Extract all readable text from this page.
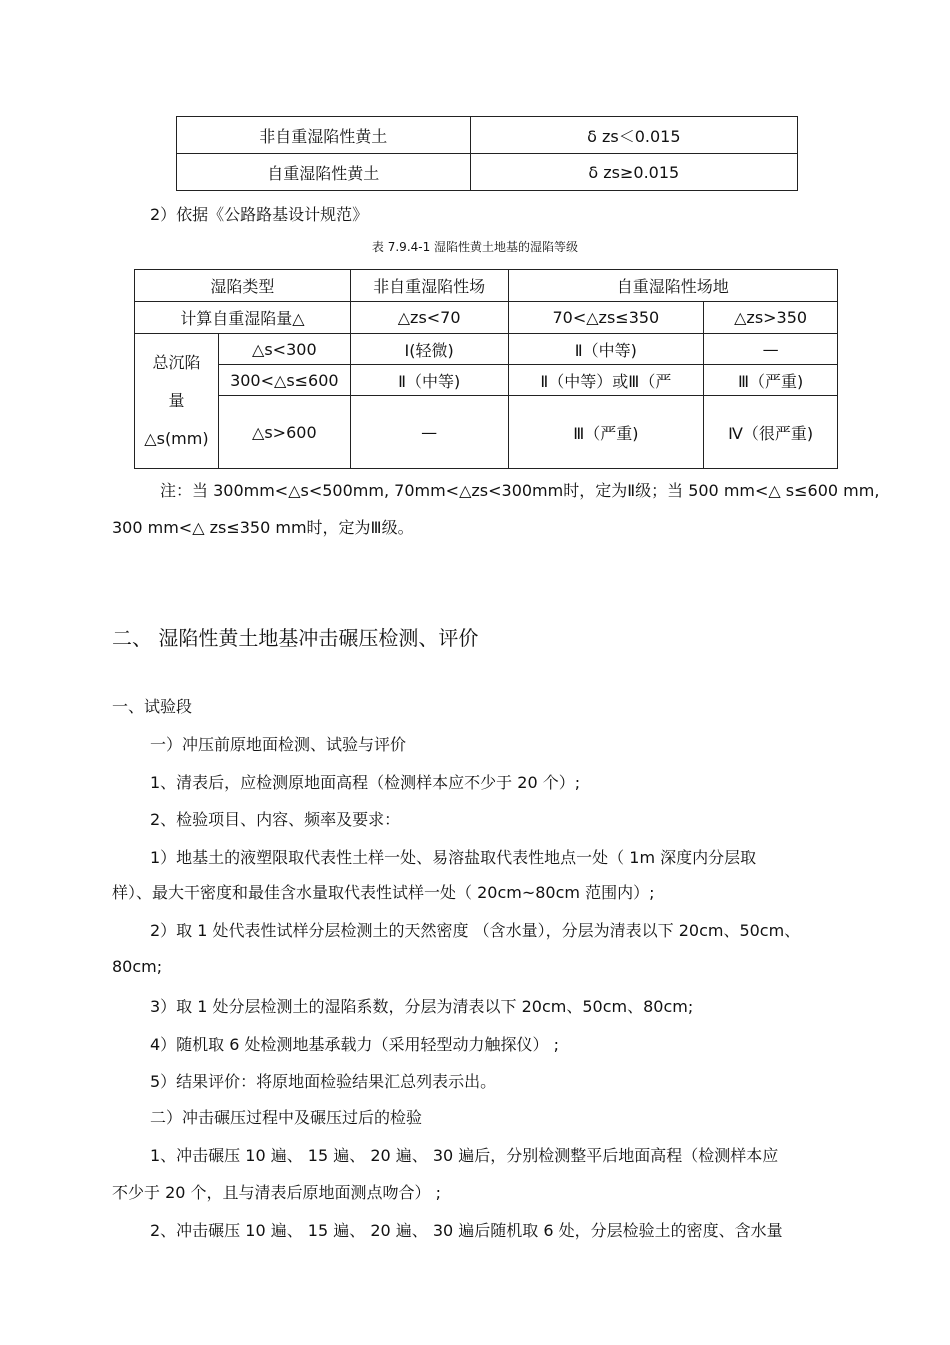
非自重湿陷性黄土	δ zs＜0.015
自重湿陷性黄土	δ zs≥0.015
2）依据《公路路基设计规范》
表 7.9.4-1 湿陷性黄土地基的湿陷等级
湿陷类型		非自重湿陷性场	自重湿陷性场地	
计算自重湿陷量△		△zs<70	70<△zs≤350	△zs>350

总沉陷
量
△s(mm)	△s<300	Ⅰ(轻微)	Ⅱ（中等)	—
	300<△s≤600	Ⅱ（中等)	Ⅱ（中等）或Ⅲ（严	Ⅲ（严重)
	△s>600	—	Ⅲ（严重)	Ⅳ（很严重)
注：当 300mm<△s<500mm, 70mm<△zs<300mm时，定为Ⅱ级；当 500 mm<△ s≤600 mm,
300 mm<△ zs≤350 mm时，定为Ⅲ级。
二、 湿陷性黄土地基冲击碾压检测、评价
一、试验段
一）冲压前原地面检测、试验与评价
1、清表后，应检测原地面高程（检测样本应不少于 20 个）;
2、检验项目、内容、频率及要求：
1）地基土的液塑限取代表性土样一处、易溶盐取代表性地点一处（ 1m 深度内分层取
样）、最大干密度和最佳含水量取代表性试样一处（ 20cm~80cm 范围内）;
2）取 1 处代表性试样分层检测土的天然密度 （含水量），分层为清表以下 20cm、50cm、
80cm;
3）取 1 处分层检测土的湿陷系数，分层为清表以下 20cm、50cm、80cm;
4）随机取 6 处检测地基承载力（采用轻型动力触探仪） ;
5）结果评价：将原地面检验结果汇总列表示出。
二）冲击碾压过程中及碾压过后的检验
1、冲击碾压 10 遍、 15 遍、 20 遍、 30 遍后，分别检测整平后地面高程（检测样本应
不少于 20 个，且与清表后原地面测点吻合） ;
2、冲击碾压 10 遍、 15 遍、 20 遍、 30 遍后随机取 6 处，分层检验土的密度、含水量
